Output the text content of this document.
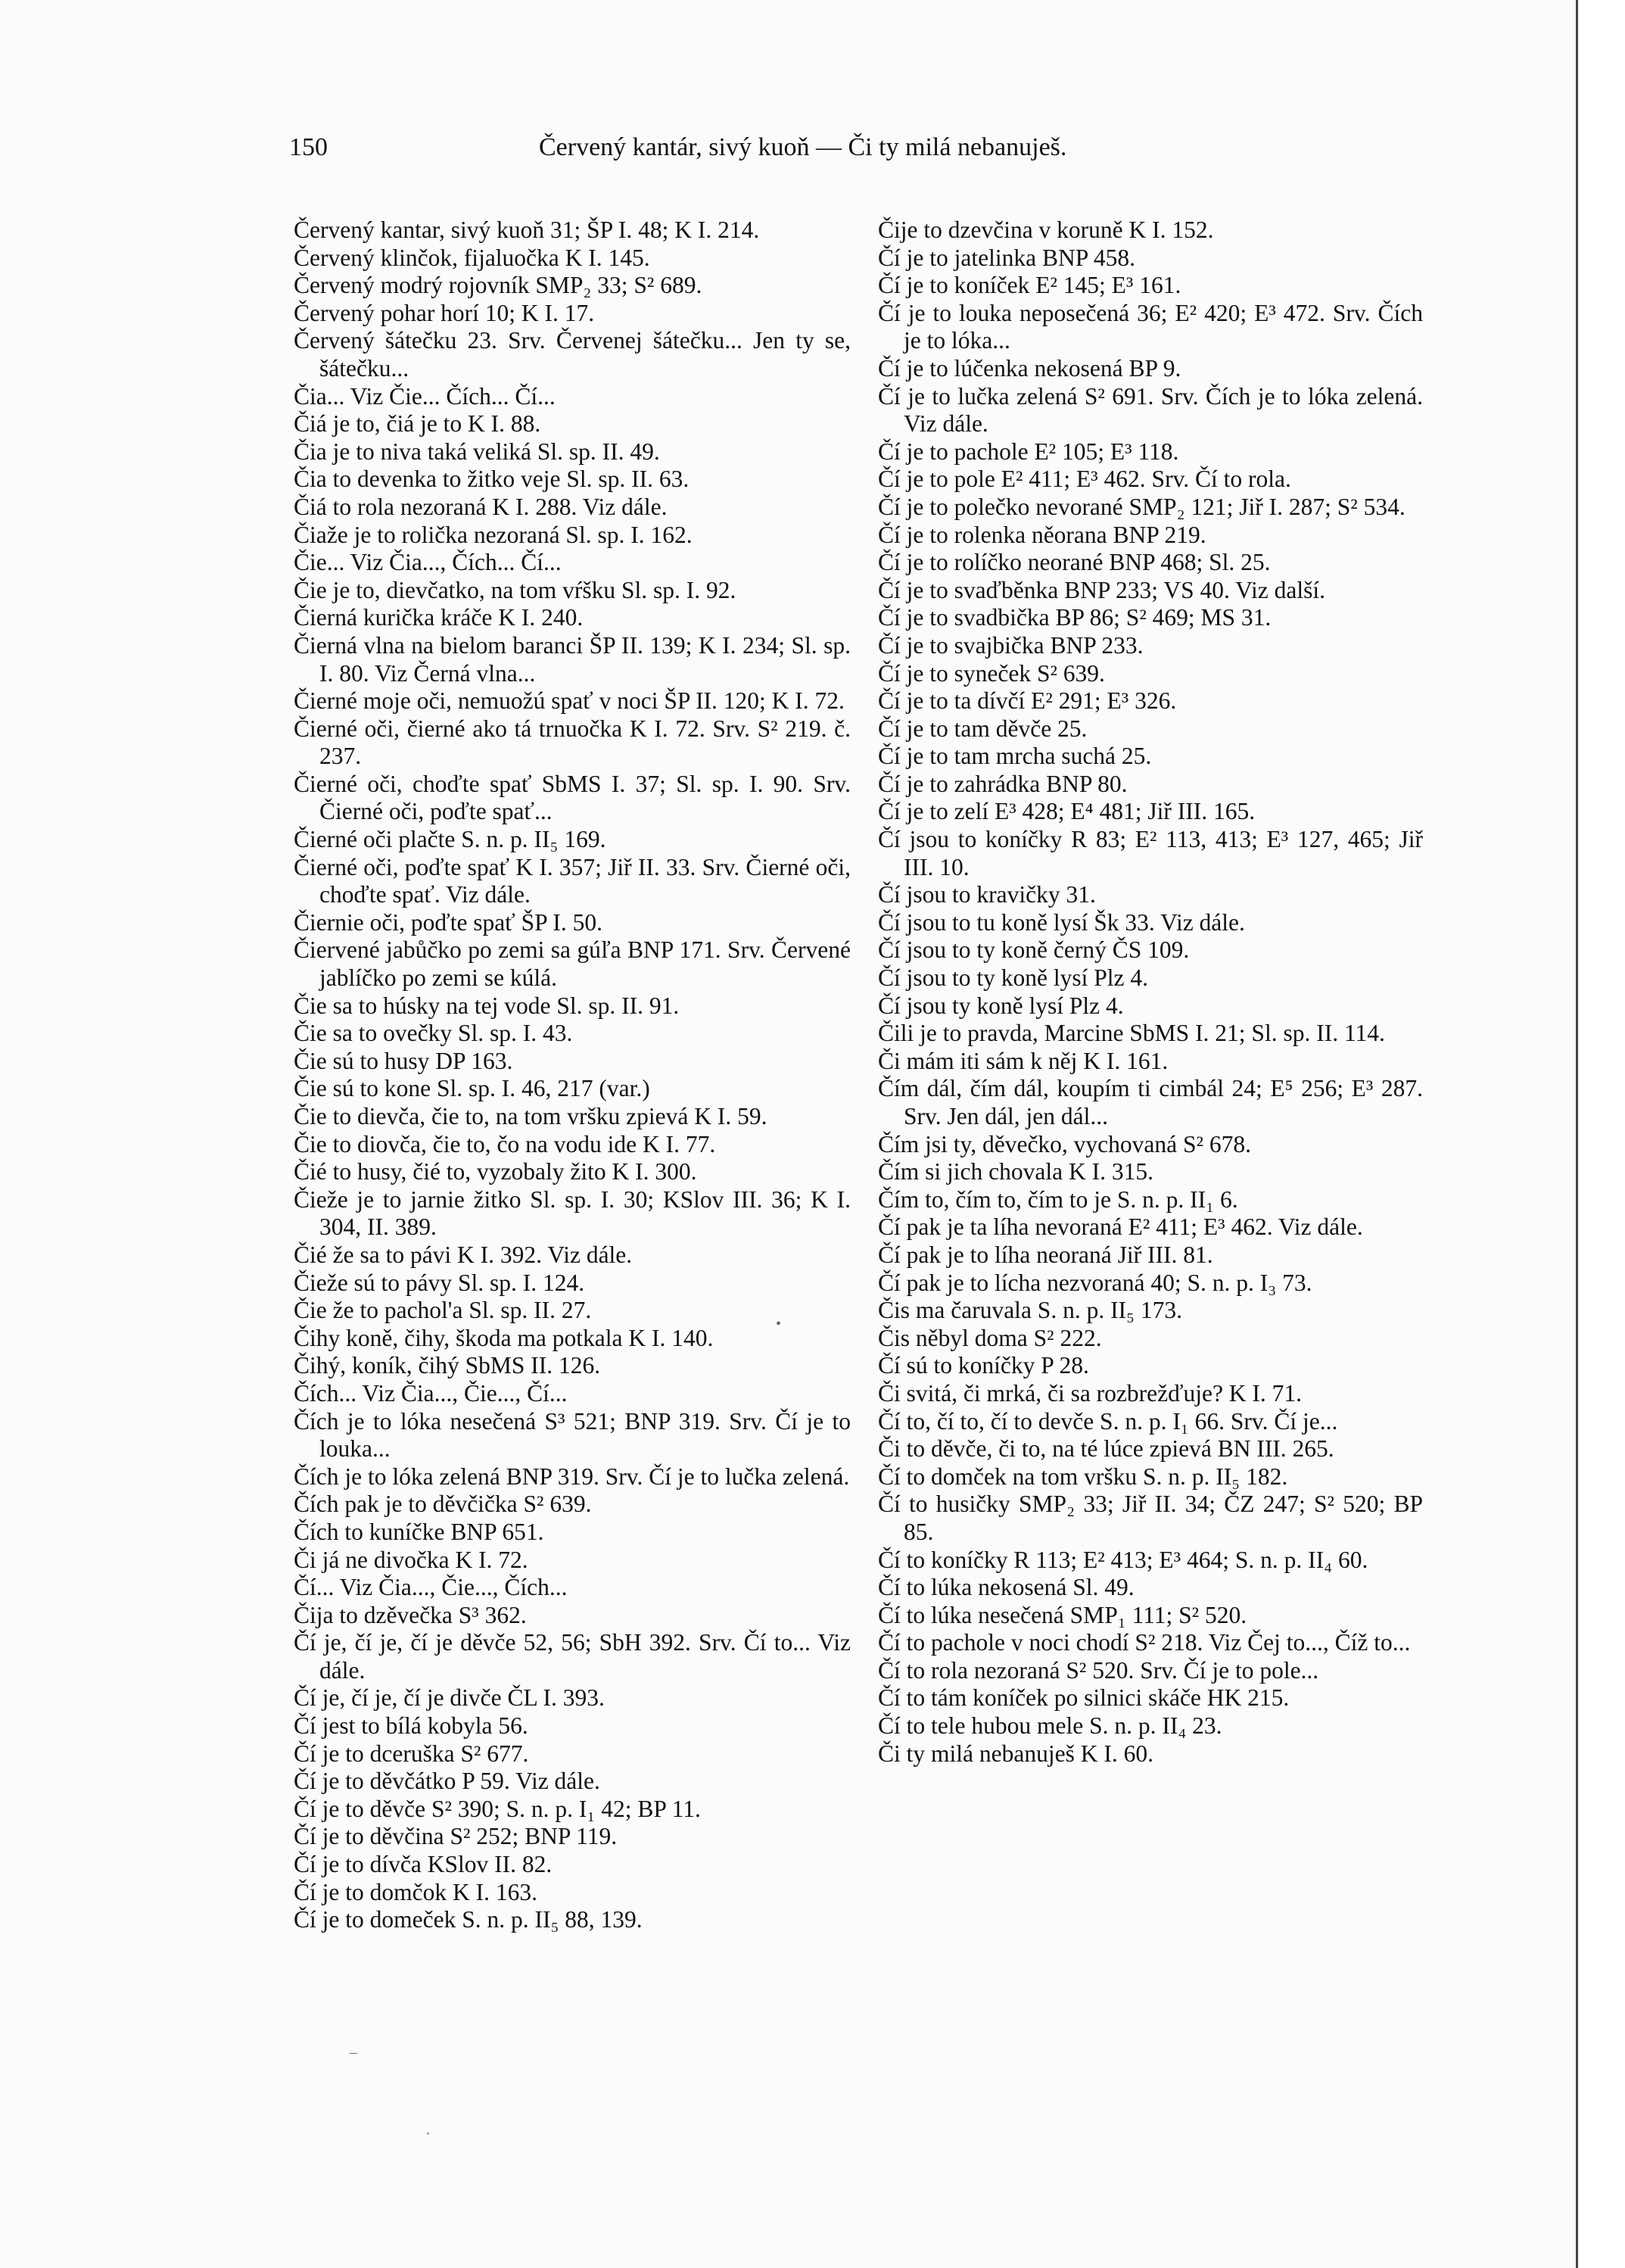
150	Červený kantár, sivý kuoň — Či ty milá nebanuješ.

Červený kantar, sivý kuoň 31; ŠP I. 48; K I. 214.

Červený klinčok, fijaluočka K I. 145.

Červený modrý rojovník SMP₂ 33; S² 689.

Červený pohar horí 10; K I. 17.

Červený šátečku 23. Srv. Červenej šátečku... Jen ty se, šátečku...

Čia... Viz Čie... Čích... Čí...

Čiá je to, čiá je to K I. 88.

Čia je to niva taká veliká Sl. sp. II. 49.

Čia to devenka to žitko veje Sl. sp. II. 63.

Čiá to rola nezoraná K I. 288. Viz dále.

Čiaže je to rolička nezoraná Sl. sp. I. 162.

Čie... Viz Čia..., Čích... Čí...

Čie je to, dievčatko, na tom vŕšku Sl. sp. I. 92.

Čierná kurička kráče K I. 240.

Čierná vlna na bielom baranci ŠP II. 139; K I. 234; Sl. sp. I. 80. Viz Černá vlna...

Čierné moje oči, nemuožú spať v noci ŠP II. 120; K I. 72.

Čierné oči, čierné ako tá trnuočka K I. 72. Srv. S² 219. č. 237.

Čierné oči, choďte spať SbMS I. 37; Sl. sp. I. 90. Srv. Čierné oči, poďte spať...

Čierné oči plačte S. n. p. II₅ 169.

Čierné oči, poďte spať K I. 357; Jiř II. 33. Srv. Čierné oči, choďte spať. Viz dále.

Čiernie oči, poďte spať ŠP I. 50.

Čiervené jabůčko po zemi sa gúľa BNP 171. Srv. Červené jablíčko po zemi se kúlá.

Čie sa to húsky na tej vode Sl. sp. II. 91.

Čie sa to ovečky Sl. sp. I. 43.

Čie sú to husy DP 163.

Čie sú to kone Sl. sp. I. 46, 217 (var.)

Čie to dievča, čie to, na tom vršku zpievá K I. 59.

Čie to diovča, čie to, čo na vodu ide K I. 77.

Čié to husy, čié to, vyzobaly žito K I. 300.

Čieže je to jarnie žitko Sl. sp. I. 30; KSlov III. 36; K I. 304, II. 389.

Čié že sa to pávi K I. 392. Viz dále.

Čieže sú to pávy Sl. sp. I. 124.

Čie že to pachol'a Sl. sp. II. 27.

Čihy koně, čihy, škoda ma potkala K I. 140.

Čihý, koník, čihý SbMS II. 126.

Čích... Viz Čia..., Čie..., Čí...

Čích je to lóka nesečená S³ 521; BNP 319. Srv. Čí je to louka...

Čích je to lóka zelená BNP 319. Srv. Čí je to lučka zelená.

Čích pak je to děvčička S² 639.

Čích to kuníčke BNP 651.

Či já ne divočka K I. 72.

Čí... Viz Čia..., Čie..., Čích...

Čija to dzěvečka S³ 362.

Čí je, čí je, čí je děvče 52, 56; SbH 392. Srv. Čí to... Viz dále.

Čí je, čí je, čí je divče ČL I. 393.

Čí jest to bílá kobyla 56.

Čí je to dceruška S² 677.

Čí je to děvčátko P 59. Viz dále.

Čí je to děvče S² 390; S. n. p. I₁ 42; BP 11.

Čí je to děvčina S² 252; BNP 119.

Čí je to dívča KSlov II. 82.

Čí je to domčok K I. 163.

Čí je to domeček S. n. p. II₅ 88, 139.

Čije to dzevčina v koruně K I. 152.

Čí je to jatelinka BNP 458.

Čí je to koníček E² 145; E³ 161.

Čí je to louka neposečená 36; E² 420; E³ 472. Srv. Čích je to lóka...

Čí je to lúčenka nekosená BP 9.

Čí je to lučka zelená S² 691. Srv. Čích je to lóka zelená. Viz dále.

Čí je to pachole E² 105; E³ 118.

Čí je to pole E² 411; E³ 462. Srv. Čí to rola.

Čí je to polečko nevorané SMP₂ 121; Jiř I. 287; S² 534.

Čí je to rolenka něorana BNP 219.

Čí je to rolíčko neorané BNP 468; Sl. 25.

Čí je to svaďběnka BNP 233; VS 40. Viz další.

Čí je to svadbička BP 86; S² 469; MS 31.

Čí je to svajbička BNP 233.

Čí je to syneček S² 639.

Čí je to ta dívčí E² 291; E³ 326.

Čí je to tam děvče 25.

Čí je to tam mrcha suchá 25.

Čí je to zahrádka BNP 80.

Čí je to zelí E³ 428; E⁴ 481; Jiř III. 165.

Čí jsou to koníčky R 83; E² 113, 413; E³ 127, 465; Jiř III. 10.

Čí jsou to kravičky 31.

Čí jsou to tu koně lysí Šk 33. Viz dále.

Čí jsou to ty koně černý ČS 109.

Čí jsou to ty koně lysí Plz 4.

Čí jsou ty koně lysí Plz 4.

Čili je to pravda, Marcine SbMS I. 21; Sl. sp. II. 114.

Či mám iti sám k něj K I. 161.

Čím dál, čím dál, koupím ti cimbál 24; E⁵ 256; E³ 287. Srv. Jen dál, jen dál...

Čím jsi ty, děvečko, vychovaná S² 678.

Čím si jich chovala K I. 315.

Čím to, čím to, čím to je S. n. p. II₁ 6.

Čí pak je ta líha nevoraná E² 411; E³ 462. Viz dále.

Čí pak je to líha neoraná Jiř III. 81.

Čí pak je to lícha nezvoraná 40; S. n. p. I₃ 73.

Čis ma čaruvala S. n. p. II₅ 173.

Čis něbyl doma S² 222.

Čí sú to koníčky P 28.

Či svitá, či mrká, či sa rozbrežďuje? K I. 71.

Čí to, čí to, čí to devče S. n. p. I₁ 66. Srv. Čí je...

Či to děvče, či to, na té lúce zpievá BN III. 265.

Čí to domček na tom vršku S. n. p. II₅ 182.

Čí to husičky SMP₂ 33; Jiř II. 34; ČZ 247; S² 520; BP 85.

Čí to koníčky R 113; E² 413; E³ 464; S. n. p. II₄ 60.

Čí to lúka nekosená Sl. 49.

Čí to lúka nesečená SMP₁ 111; S² 520.

Čí to pachole v noci chodí S² 218. Viz Čej to..., Číž to...

Čí to rola nezoraná S² 520. Srv. Čí je to pole...

Čí to tám koníček po silnici skáče HK 215.

Čí to tele hubou mele S. n. p. II₄ 23.

Či ty milá nebanuješ K I. 60.

•
–
·
